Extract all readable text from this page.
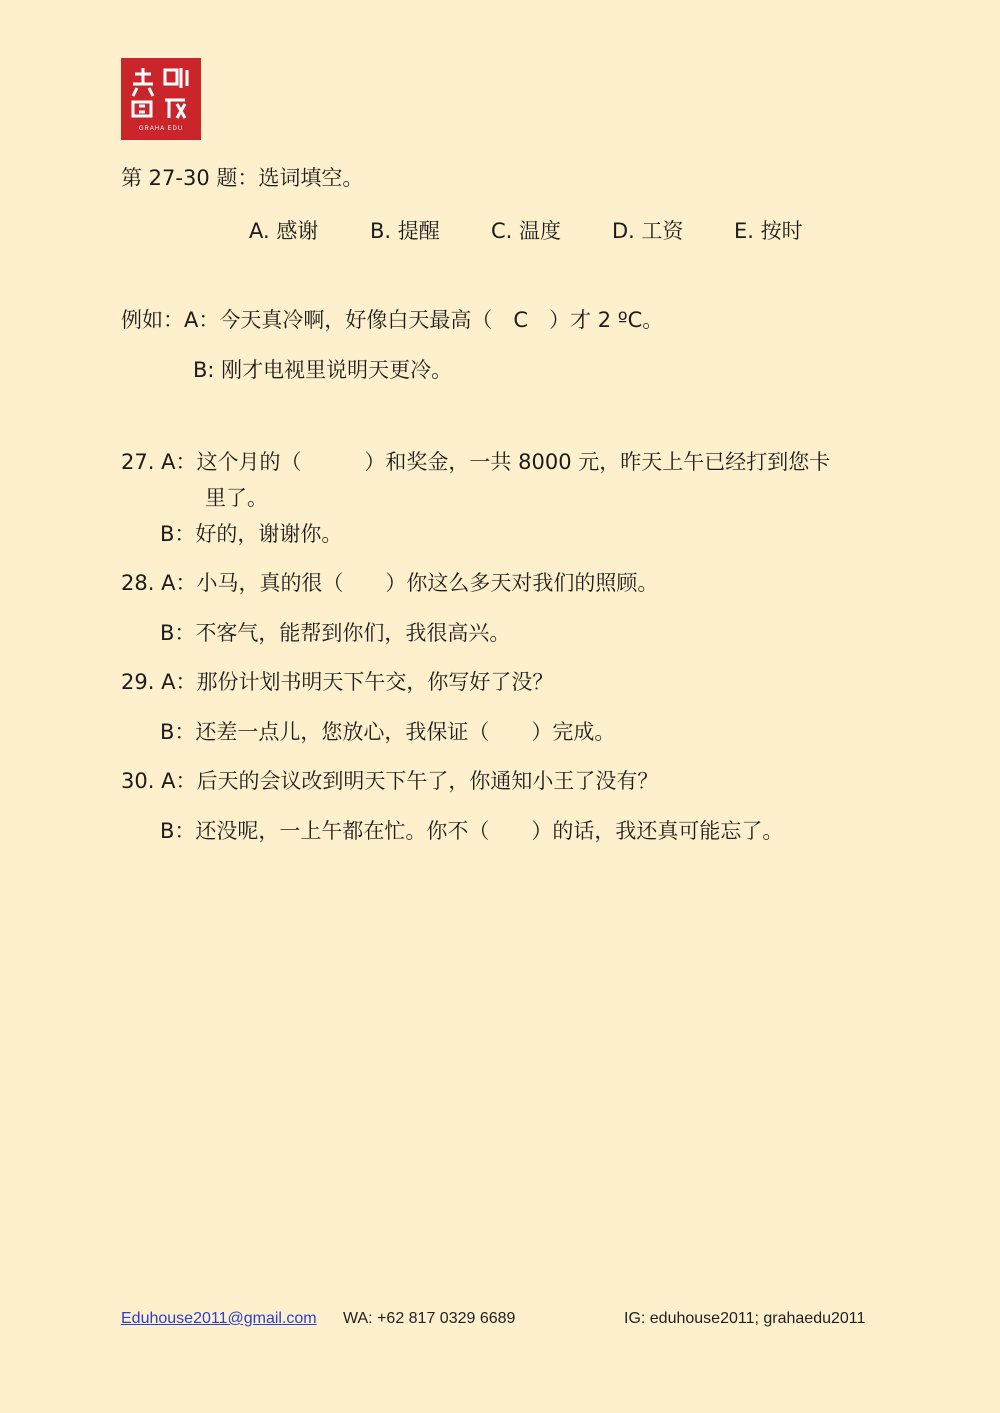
GRAHA EDU
第 27-30 题：选词填空。
A. 感谢 B. 提醒 C. 温度 D. 工资 E. 按时
例如：A：今天真冷啊，好像白天最高（　C　）才 2 ºC。
B: 刚才电视里说明天更冷。
27. A：这个月的（　　　）和奖金，一共 8000 元，昨天上午已经打到您卡
里了。
B：好的，谢谢你。
28. A：小马，真的很（　　）你这么多天对我们的照顾。
B：不客气，能帮到你们，我很高兴。
29. A：那份计划书明天下午交，你写好了没？
B：还差一点儿，您放心，我保证（　　）完成。
30. A：后天的会议改到明天下午了，你通知小王了没有？
B：还没呢，一上午都在忙。你不（　　）的话，我还真可能忘了。
Eduhouse2011@gmail.com WA: +62 817 0329 6689	IG: eduhouse2011; grahaedu2011
